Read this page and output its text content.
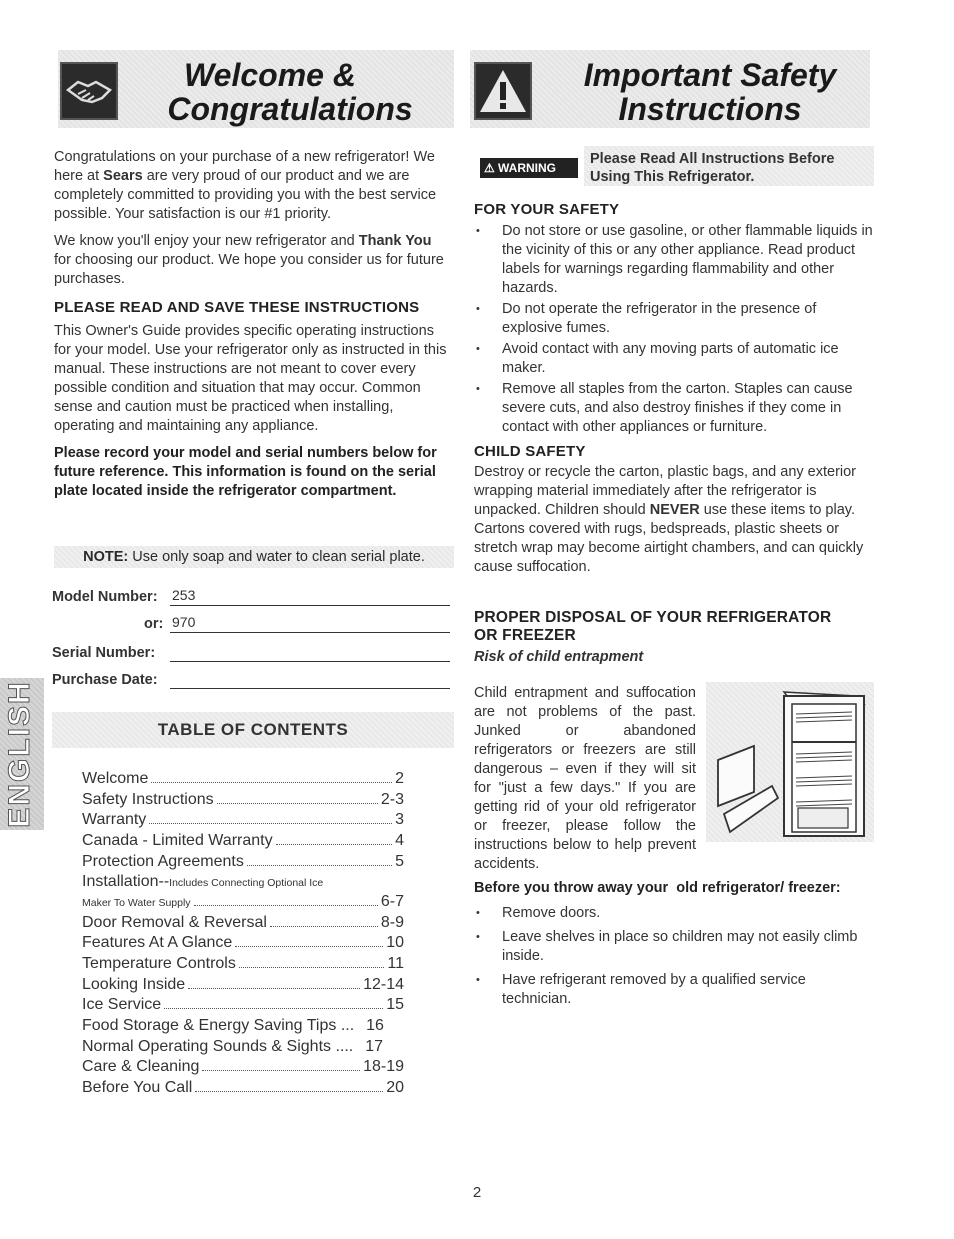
Welcome &
Congratulations
Important Safety
Instructions

Congratulations on your purchase of a new refrigerator! We here at Sears are very proud of our product and we are completely committed to providing you with the best service possible. Your satisfaction is our #1 priority.

We know you'll enjoy your new refrigerator and Thank You for choosing our product. We hope you consider us for future purchases.

PLEASE READ AND SAVE THESE INSTRUCTIONS

This Owner's Guide provides specific operating instructions for your model. Use your refrigerator only as instructed in this manual. These instructions are not meant to cover every possible condition and situation that may occur. Common sense and caution must be practiced when installing, operating and maintaining any appliance.

Please record your model and serial numbers below for future reference. This information is found on the serial plate located inside the refrigerator compartment.

NOTE: Use only soap and water to clean serial plate.
Model Number: 253
or: 970
Serial Number:
Purchase Date:
ENGLISH	TABLE OF CONTENTS
Welcome	2
Safety Instructions	2-3
Warranty	3
Canada - Limited Warranty	4
Protection Agreements	5
Installation--Includes Connecting Optional Ice
Maker To Water Supply	6-7
Door Removal & Reversal	8-9
Features At A Glance	10
Temperature Controls	11
Looking Inside	12-14
Ice Service	15
Food Storage & Energy Saving Tips ... 16
Normal Operating Sounds & Sights .... 17
Care & Cleaning	18-19
Before You Call	20
⚠ WARNING
Please Read All Instructions Before
Using This Refrigerator.
FOR YOUR SAFETY
• Do not store or use gasoline, or other flammable liquids in the vicinity of this or any other appliance. Read product labels for warnings regarding flammability and other hazards.
• Do not operate the refrigerator in the presence of explosive fumes.
• Avoid contact with any moving parts of automatic ice maker.
• Remove all staples from the carton. Staples can cause severe cuts, and also destroy finishes if they come in contact with other appliances or furniture.
CHILD SAFETY

Destroy or recycle the carton, plastic bags, and any exterior wrapping material immediately after the refrigerator is unpacked. Children should NEVER use these items to play. Cartons covered with rugs, bedspreads, plastic sheets or stretch wrap may become airtight chambers, and can quickly cause suffocation.

PROPER DISPOSAL OF YOUR REFRIGERATOR
OR FREEZER
Risk of child entrapment
Child entrapment and suffocation are not problems of the past. Junked or abandoned refrigerators or freezers are still dangerous – even if they will sit for "just a few days." If you are getting rid of your old refrigerator or freezer, please follow the instructions below to help prevent accidents.
Before you throw away your  old refrigerator/ freezer:
• Remove doors.
• Leave shelves in place so children may not easily climb inside.
• Have refrigerant removed by a qualified service technician.
2
